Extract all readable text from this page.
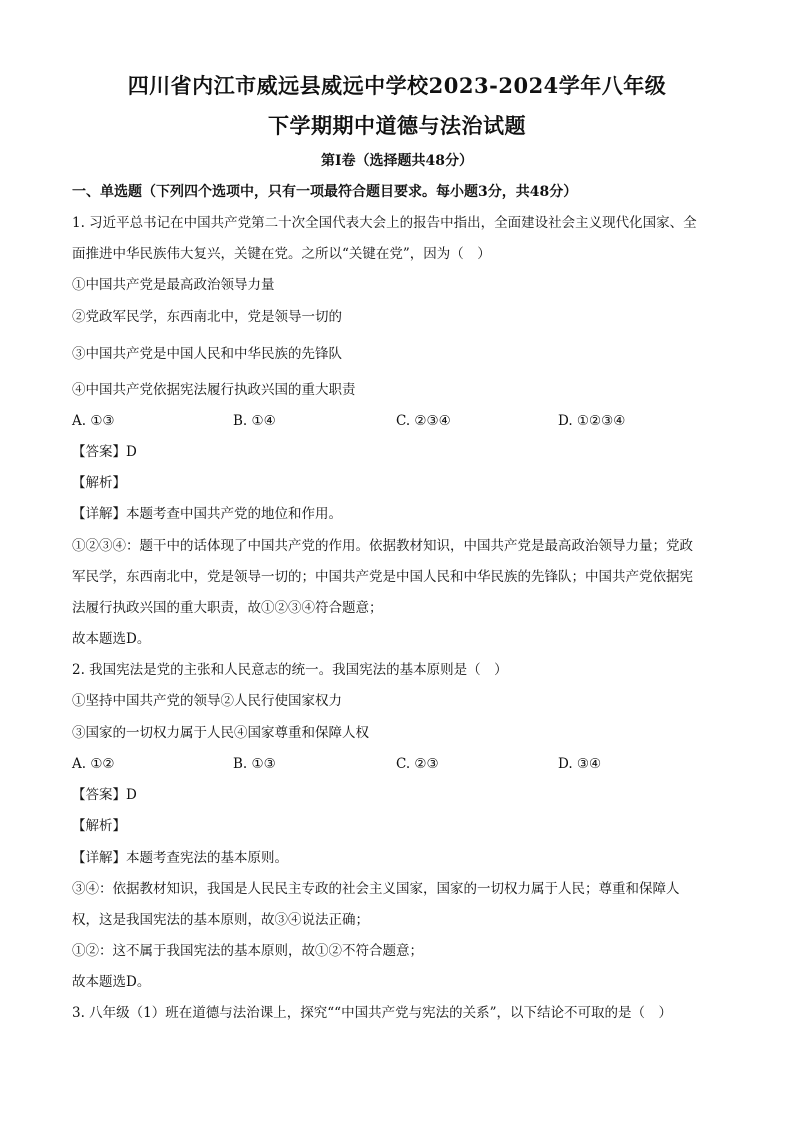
四川省内江市威远县威远中学校2023-2024学年八年级
下学期期中道德与法治试题
第Ⅰ卷（选择题共48分）
一、单选题（下列四个选项中，只有一项最符合题目要求。每小题3分，共48分）
1. 习近平总书记在中国共产党第二十次全国代表大会上的报告中指出，全面建设社会主义现代化国家、全
面推进中华民族伟大复兴，关键在党。之所以“关键在党”，因为（　）
①中国共产党是最高政治领导力量
②党政军民学，东西南北中，党是领导一切的
③中国共产党是中国人民和中华民族的先锋队
④中国共产党依据宪法履行执政兴国的重大职责
A. ①③	B. ①④	C. ②③④	D. ①②③④
【答案】D
【解析】
【详解】本题考查中国共产党的地位和作用。
①②③④：题干中的话体现了中国共产党的作用。依据教材知识，中国共产党是最高政治领导力量；党政
军民学，东西南北中，党是领导一切的；中国共产党是中国人民和中华民族的先锋队；中国共产党依据宪
法履行执政兴国的重大职责，故①②③④符合题意；
故本题选D。
2. 我国宪法是党的主张和人民意志的统一。我国宪法的基本原则是（　）
①坚持中国共产党的领导②人民行使国家权力
③国家的一切权力属于人民④国家尊重和保障人权
A. ①②	B. ①③	C. ②③	D. ③④
【答案】D
【解析】
【详解】本题考查宪法的基本原则。
③④：依据教材知识，我国是人民民主专政的社会主义国家，国家的一切权力属于人民；尊重和保障人
权，这是我国宪法的基本原则，故③④说法正确；
①②：这不属于我国宪法的基本原则，故①②不符合题意；
故本题选D。
3. 八年级（1）班在道德与法治课上，探究““中国共产党与宪法的关系”，以下结论不可取的是（　）
